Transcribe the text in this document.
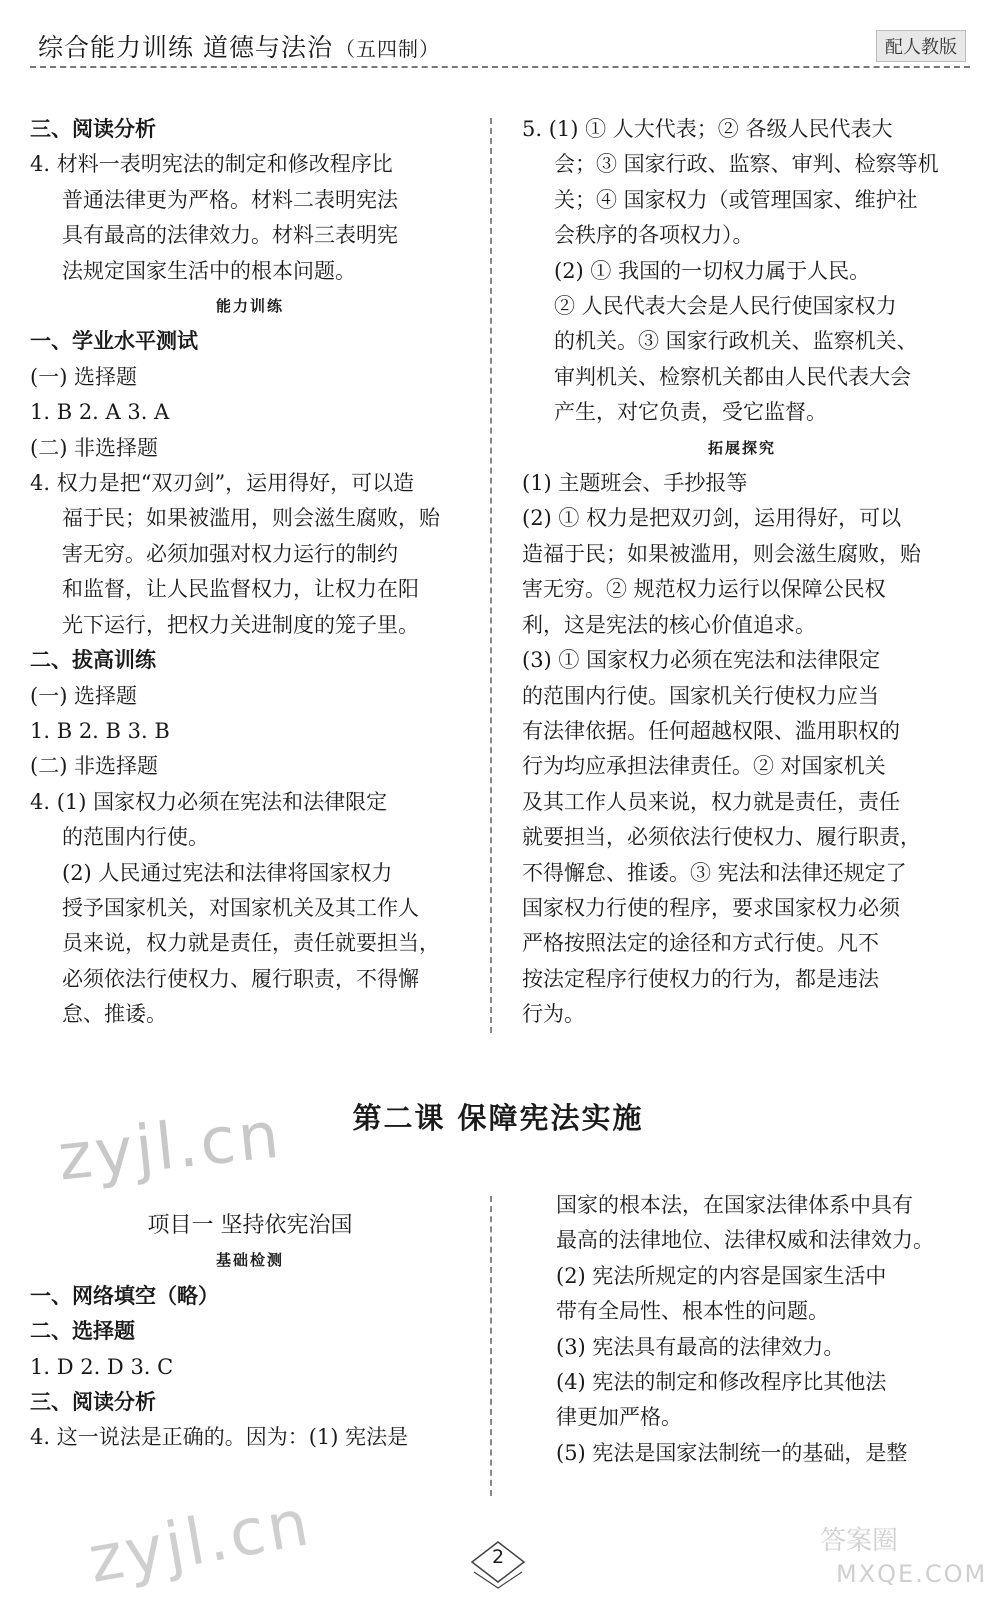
综合能力训练 道德与法治 （五四制）	配人教版

三、阅读分析

4. 材料一表明宪法的制定和修改程序比

普通法律更为严格。材料二表明宪法

具有最高的法律效力。材料三表明宪

法规定国家生活中的根本问题。

能力训练

一、学业水平测试

(一) 选择题

1. B 2. A 3. A

(二) 非选择题

4. 权力是把“双刃剑”，运用得好，可以造

福于民；如果被滥用，则会滋生腐败，贻

害无穷。必须加强对权力运行的制约

和监督，让人民监督权力，让权力在阳

光下运行，把权力关进制度的笼子里。

二、拔高训练

(一) 选择题

1. B 2. B 3. B

(二) 非选择题

4. (1) 国家权力必须在宪法和法律限定

的范围内行使。

(2) 人民通过宪法和法律将国家权力

授予国家机关，对国家机关及其工作人

员来说，权力就是责任，责任就要担当，

必须依法行使权力、履行职责，不得懈

怠、推诿。

5. (1) ① 人大代表；② 各级人民代表大

会；③ 国家行政、监察、审判、检察等机

关；④ 国家权力（或管理国家、维护社

会秩序的各项权力）。

(2) ① 我国的一切权力属于人民。

② 人民代表大会是人民行使国家权力

的机关。③ 国家行政机关、监察机关、

审判机关、检察机关都由人民代表大会

产生，对它负责，受它监督。

拓展探究

(1) 主题班会、手抄报等

(2) ① 权力是把双刃剑，运用得好，可以

造福于民；如果被滥用，则会滋生腐败，贻

害无穷。② 规范权力运行以保障公民权

利，这是宪法的核心价值追求。

(3) ① 国家权力必须在宪法和法律限定

的范围内行使。国家机关行使权力应当

有法律依据。任何超越权限、滥用职权的

行为均应承担法律责任。② 对国家机关

及其工作人员来说，权力就是责任，责任

就要担当，必须依法行使权力、履行职责，

不得懈怠、推诿。③ 宪法和法律还规定了

国家权力行使的程序，要求国家权力必须

严格按照法定的途径和方式行使。凡不

按法定程序行使权力的行为，都是违法

行为。

第二课 保障宪法实施

项目一 坚持依宪治国

基础检测

一、网络填空（略）

二、选择题

1. D 2. D 3. C

三、阅读分析

4. 这一说法是正确的。因为：(1) 宪法是

国家的根本法，在国家法律体系中具有

最高的法律地位、法律权威和法律效力。

(2) 宪法所规定的内容是国家生活中

带有全局性、根本性的问题。

(3) 宪法具有最高的法律效力。

(4) 宪法的制定和修改程序比其他法

律更加严格。

(5) 宪法是国家法制统一的基础，是整

zyjl.cn
zyjl.cn	答案圈
MXQE.COM
2
